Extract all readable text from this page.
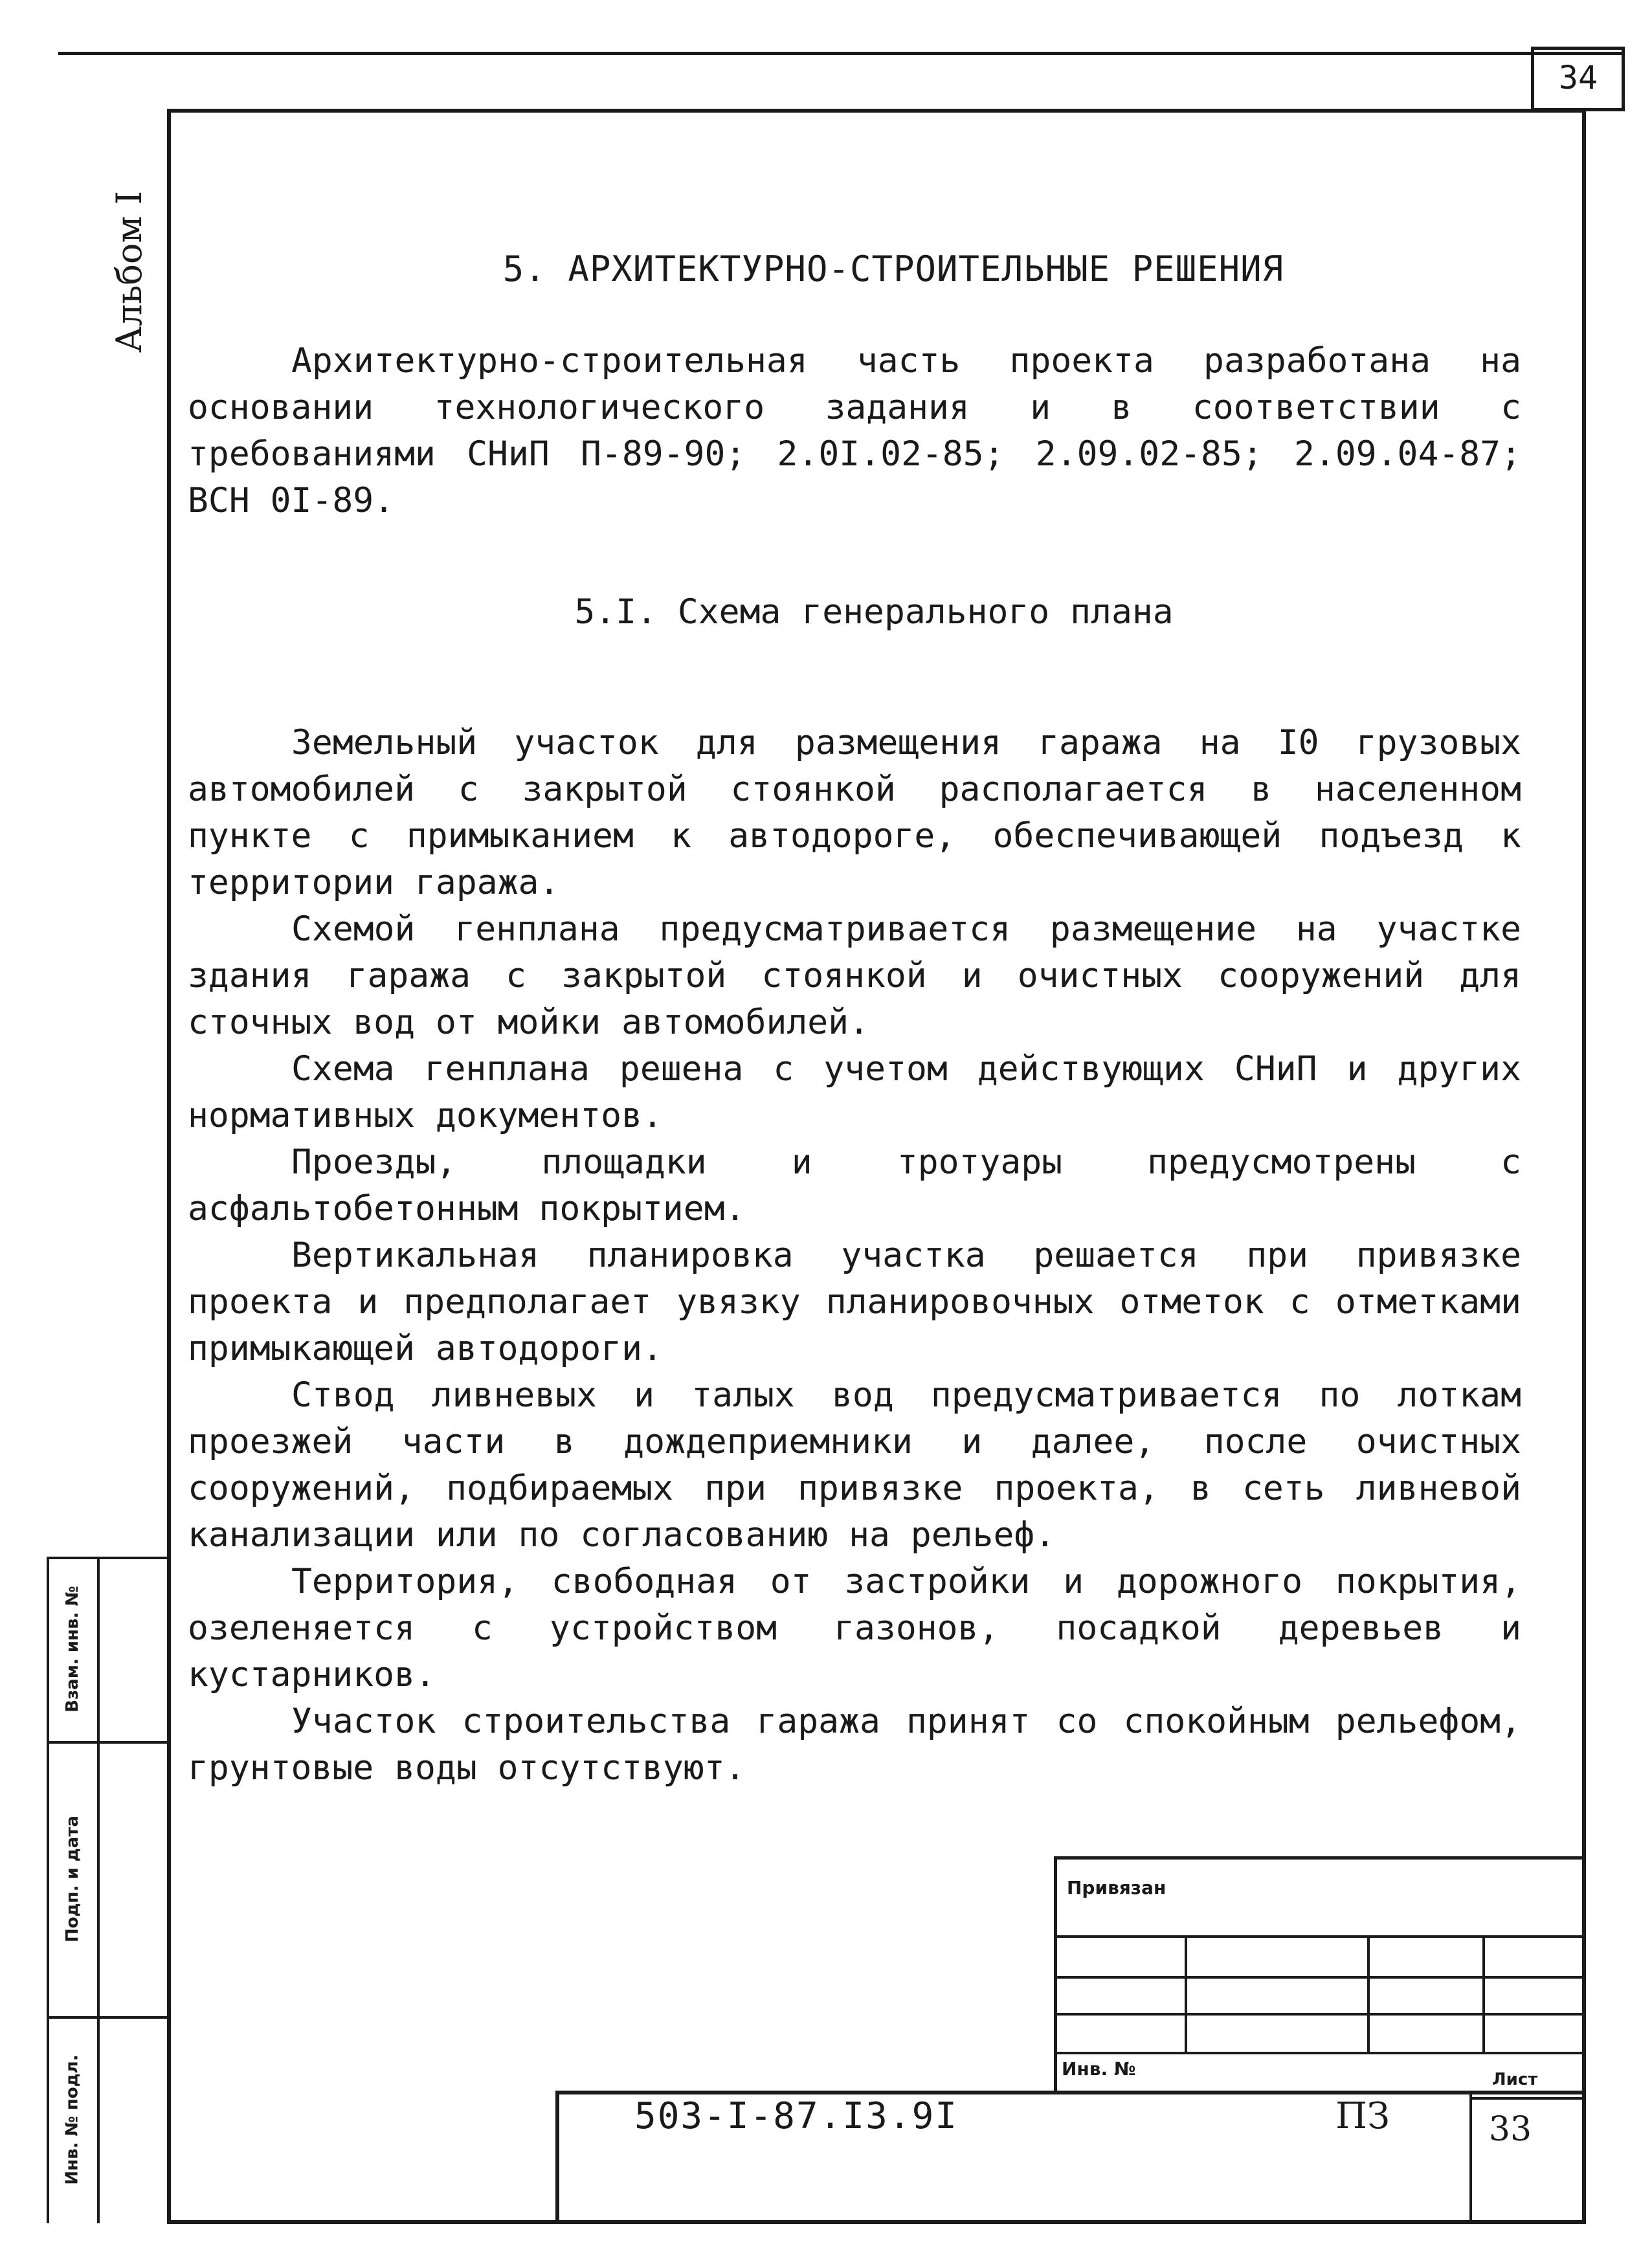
34
Альбом I	5. АРХИТЕКТУРНО-СТРОИТЕЛЬНЫЕ РЕШЕНИЯ

Архитектурно-строительная часть проекта разработана на основании технологического задания и в соответствии с требованиями СНиП П-89-90; 2.0I.02-85; 2.09.02-85; 2.09.04-87; ВСН 0I-89.

5.I. Схема генерального плана

Земельный участок для размещения гаража на I0 грузовых автомобилей с закрытой стоянкой располагается в населенном пункте с примыканием к автодороге, обеспечивающей подъезд к территории гаража.

Схемой генплана предусматривается размещение на участке здания гаража с закрытой стоянкой и очистных сооружений для сточных вод от мойки автомобилей.

Схема генплана решена с учетом действующих СНиП и других нормативных документов.

Проезды, площадки и тротуары предусмотрены с асфальтобетонным покрытием.

Вертикальная планировка участка решается при привязке проекта и предполагает увязку планировочных отметок с отметками примыкающей автодороги.

Ствод ливневых и талых вод предусматривается по лоткам проезжей части в дождеприемники и далее, после очистных сооружений, подбираемых при привязке проекта, в сеть ливневой канализации или по согласованию на рельеф.

Территория, свободная от застройки и дорожного покрытия, озеленяется с устройством газонов, посадкой деревьев и кустарников.

Участок строительства гаража принят со спокойным рельефом, грунтовые воды отсутствуют.

Взам. инв. №
Подп. и дата
Инв. № подл.
Привязан
Инв. №	Лист
503-I-87.I3.9I	ПЗ	33
